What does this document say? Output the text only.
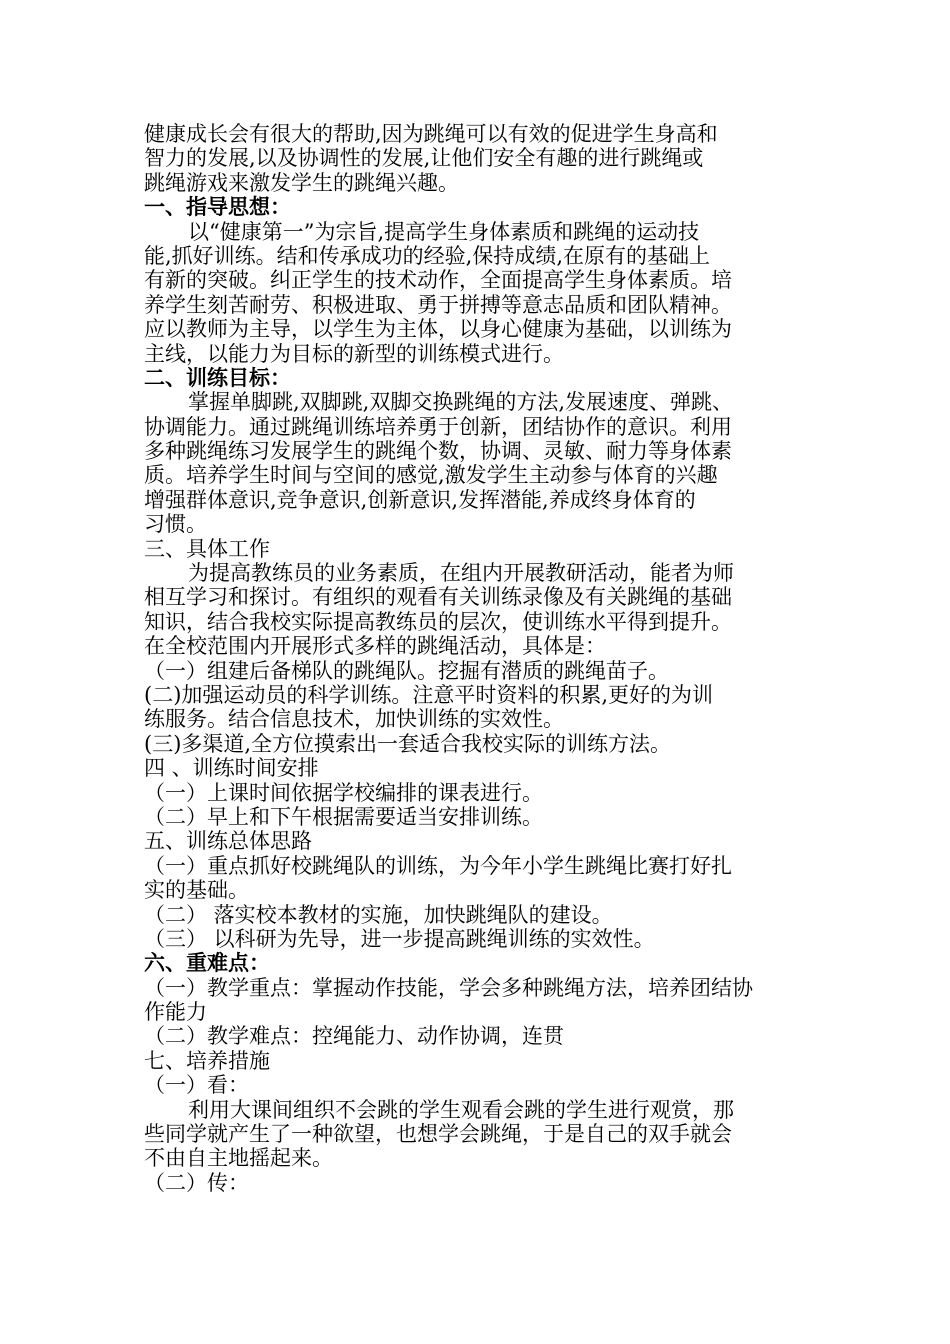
健康成长会有很大的帮助,因为跳绳可以有效的促进学生身高和
智力的发展,以及协调性的发展,让他们安全有趣的进行跳绳或
跳绳游戏来激发学生的跳绳兴趣。
一、指导思想：
以“健康第一”为宗旨,提高学生身体素质和跳绳的运动技
能,抓好训练。结和传承成功的经验,保持成绩,在原有的基础上
有新的突破。纠正学生的技术动作，全面提高学生身体素质。培
养学生刻苦耐劳、积极进取、勇于拼搏等意志品质和团队精神。
应以教师为主导，以学生为主体，以身心健康为基础，以训练为
主线，以能力为目标的新型的训练模式进行。
二、训练目标：
掌握单脚跳,双脚跳,双脚交换跳绳的方法,发展速度、弹跳、
协调能力。通过跳绳训练培养勇于创新，团结协作的意识。利用
多种跳绳练习发展学生的跳绳个数，协调、灵敏、耐力等身体素
质。培养学生时间与空间的感觉,激发学生主动参与体育的兴趣
增强群体意识,竞争意识,创新意识,发挥潜能,养成终身体育的
习惯。
三、具体工作
为提高教练员的业务素质，在组内开展教研活动，能者为师
相互学习和探讨。有组织的观看有关训练录像及有关跳绳的基础
知识，结合我校实际提高教练员的层次，使训练水平得到提升。
在全校范围内开展形式多样的跳绳活动，具体是：
（一）组建后备梯队的跳绳队。挖掘有潜质的跳绳苗子。
(二)加强运动员的科学训练。注意平时资料的积累,更好的为训
练服务。结合信息技术，加快训练的实效性。
(三)多渠道,全方位摸索出一套适合我校实际的训练方法。
四 、训练时间安排
（一）上课时间依据学校编排的课表进行。
（二）早上和下午根据需要适当安排训练。
五、训练总体思路
（一）重点抓好校跳绳队的训练，为今年小学生跳绳比赛打好扎
实的基础。
（二） 落实校本教材的实施，加快跳绳队的建设。
（三） 以科研为先导，进一步提高跳绳训练的实效性。
六、重难点：
（一）教学重点：掌握动作技能，学会多种跳绳方法，培养团结协
作能力
（二）教学难点：控绳能力、动作协调，连贯
七、培养措施
（一）看：
利用大课间组织不会跳的学生观看会跳的学生进行观赏，那
些同学就产生了一种欲望，也想学会跳绳，于是自己的双手就会
不由自主地摇起来。
（二）传：
